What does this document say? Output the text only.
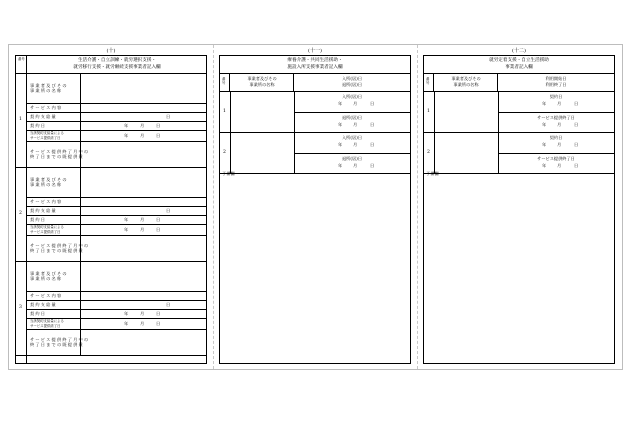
(十)
番号	生活介護・自立訓練・就労選択支援・
就労移行支援・就労継続支援事業者記入欄
1
事業者及びその
事業所の名称
サービス内容
契約支給量	日
契約日	年	月	日
当該契約支給量による
サービス提供終了日	年	月	日
サービス提供終了月中の
終了日までの既提供量
2
事業者及びその
事業所の名称
サービス内容
契約支給量	日
契約日	年	月	日
当該契約支給量による
サービス提供終了日	年	月	日
サービス提供終了月中の
終了日までの既提供量
3
事業者及びその
事業所の名称
サービス内容
契約支給量	日
契約日	年	月	日
当該契約支給量による
サービス提供終了日	年	月	日
サービス提供終了月中の
終了日までの既提供量
(十一)
療養介護・共同生活援助・
施設入所支援事業者記入欄
番号
事業者及びその
事業所の名称
入所(居)日
退所(居)日
予備欄
1
入所(居)日
年	月	日
退所(居)日
年	月	日
2
入所(居)日
年	月	日
退所(居)日
年	月	日
(十二)
就労定着支援・自立生活援助
事業者記入欄
番号
事業者及びその
事業所の名称
利用開始日
利用終了日
予備欄
1
契約日
年	月	日
サービス提供終了日
年	月	日
2
契約日
年	月	日
サービス提供終了日
年	月	日
